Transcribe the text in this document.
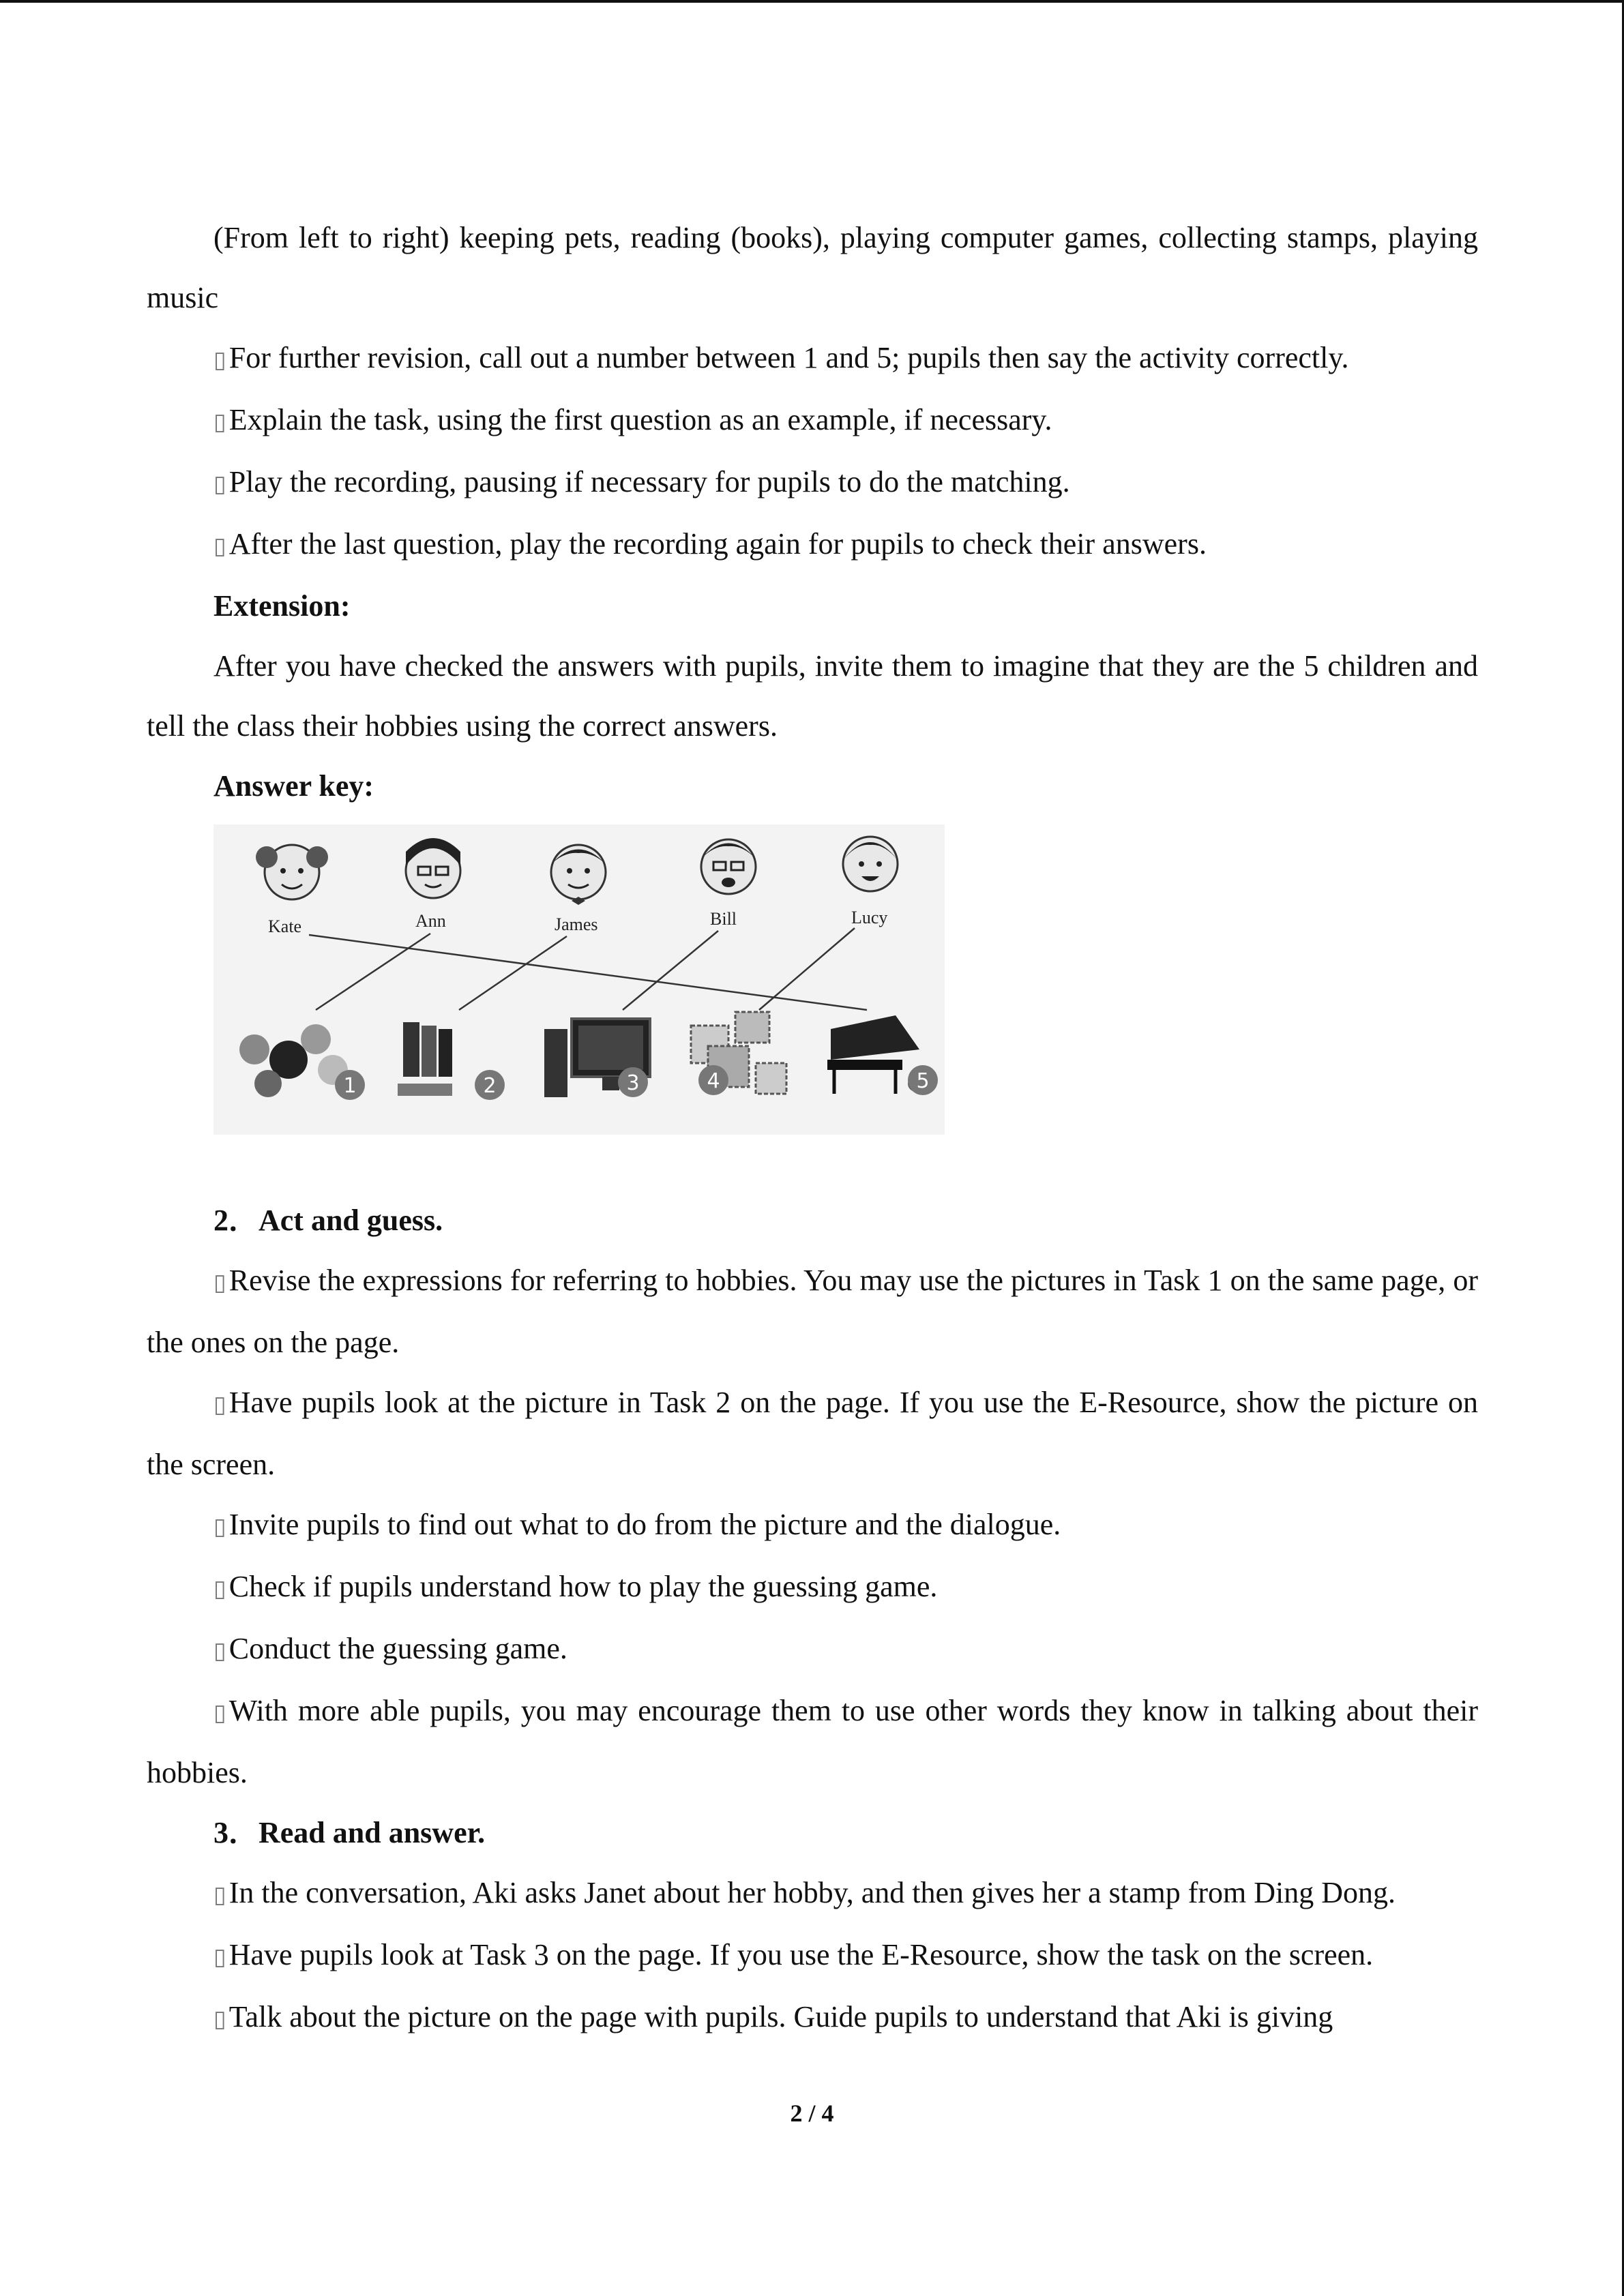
(From left to right) keeping pets, reading (books), playing computer games, collecting stamps, playing music

▯For further revision, call out a number between 1 and 5; pupils then say the activity correctly.

▯Explain the task, using the first question as an example, if necessary.

▯Play the recording, pausing if necessary for pupils to do the matching.

▯After the last question, play the recording again for pupils to check their answers.

Extension:

After you have checked the answers with pupils, invite them to imagine that they are the 5 children and tell the class their hobbies using the correct answers.

Answer key:

Kate	Ann	James	Bill	Lucy
1	2	3	4	5

2．Act and guess.

▯Revise the expressions for referring to hobbies. You may use the pictures in Task 1 on the same page, or the ones on the page.

▯Have pupils look at the picture in Task 2 on the page. If you use the E-Resource, show the picture on the screen.

▯Invite pupils to find out what to do from the picture and the dialogue.

▯Check if pupils understand how to play the guessing game.

▯Conduct the guessing game.

▯With more able pupils, you may encourage them to use other words they know in talking about their hobbies.

3．Read and answer.

▯In the conversation, Aki asks Janet about her hobby, and then gives her a stamp from Ding Dong.

▯Have pupils look at Task 3 on the page. If you use the E-Resource, show the task on the screen.

▯Talk about the picture on the page with pupils. Guide pupils to understand that Aki is giving

2 / 4
